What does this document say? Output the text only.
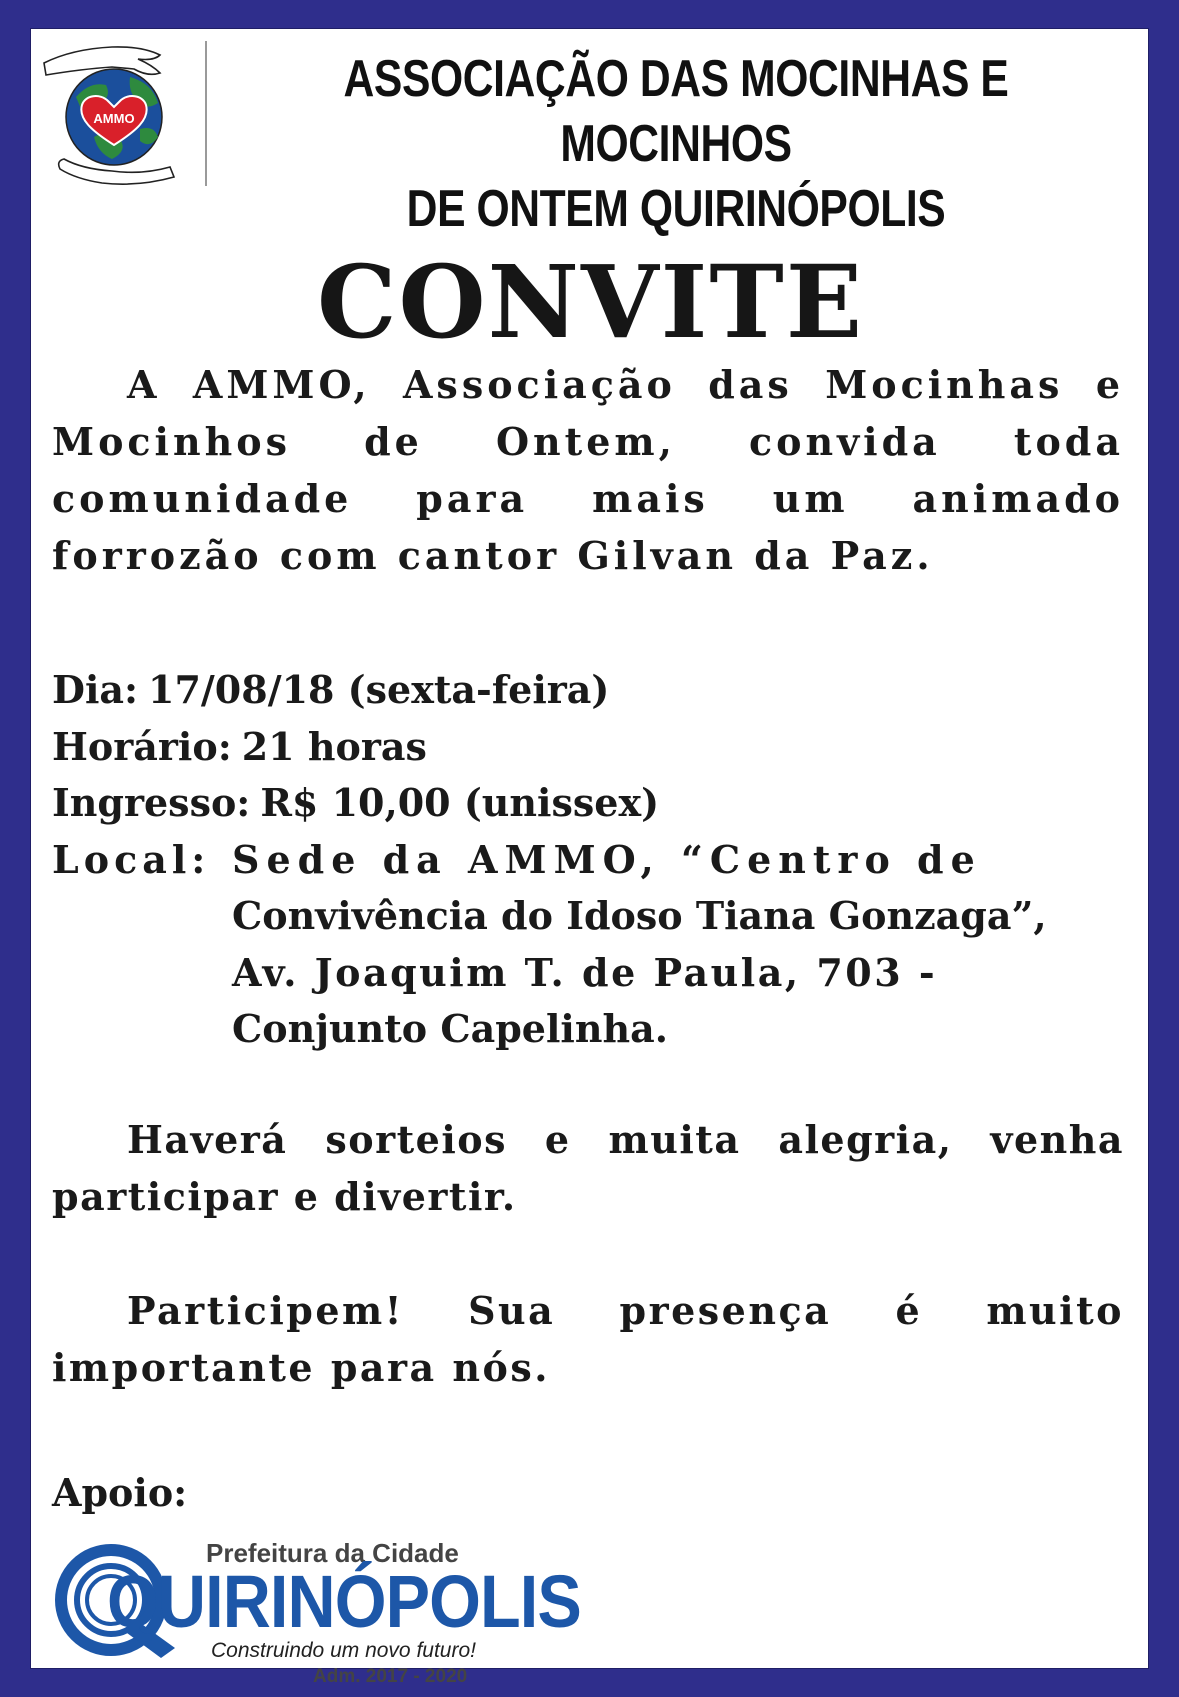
AMMO
ASSOCIAÇÃO DAS MOCINHAS E MOCINHOS
DE ONTEM QUIRINÓPOLIS
CONVITE

A AMMO, Associação das Mocinhas e Mocinhos de Ontem, convida toda comunidade para mais um animado forrozão com cantor Gilvan da Paz.

Dia: 17/08/18 (sexta-feira)
Horário: 21 horas
Ingresso: R$ 10,00 (unissex)
Local: Sede da AMMO, “Centro de
Convivência do Idoso Tiana Gonzaga”,
Av. Joaquim T. de Paula, 703 -
Conjunto Capelinha.

Haverá sorteios e muita alegria, venha participar e divertir.

Participem! Sua presença é muito importante para nós.

Apoio:
Prefeitura da Cidade
QUIRINÓPOLIS
Construindo um novo futuro!
Adm. 2017 - 2020
